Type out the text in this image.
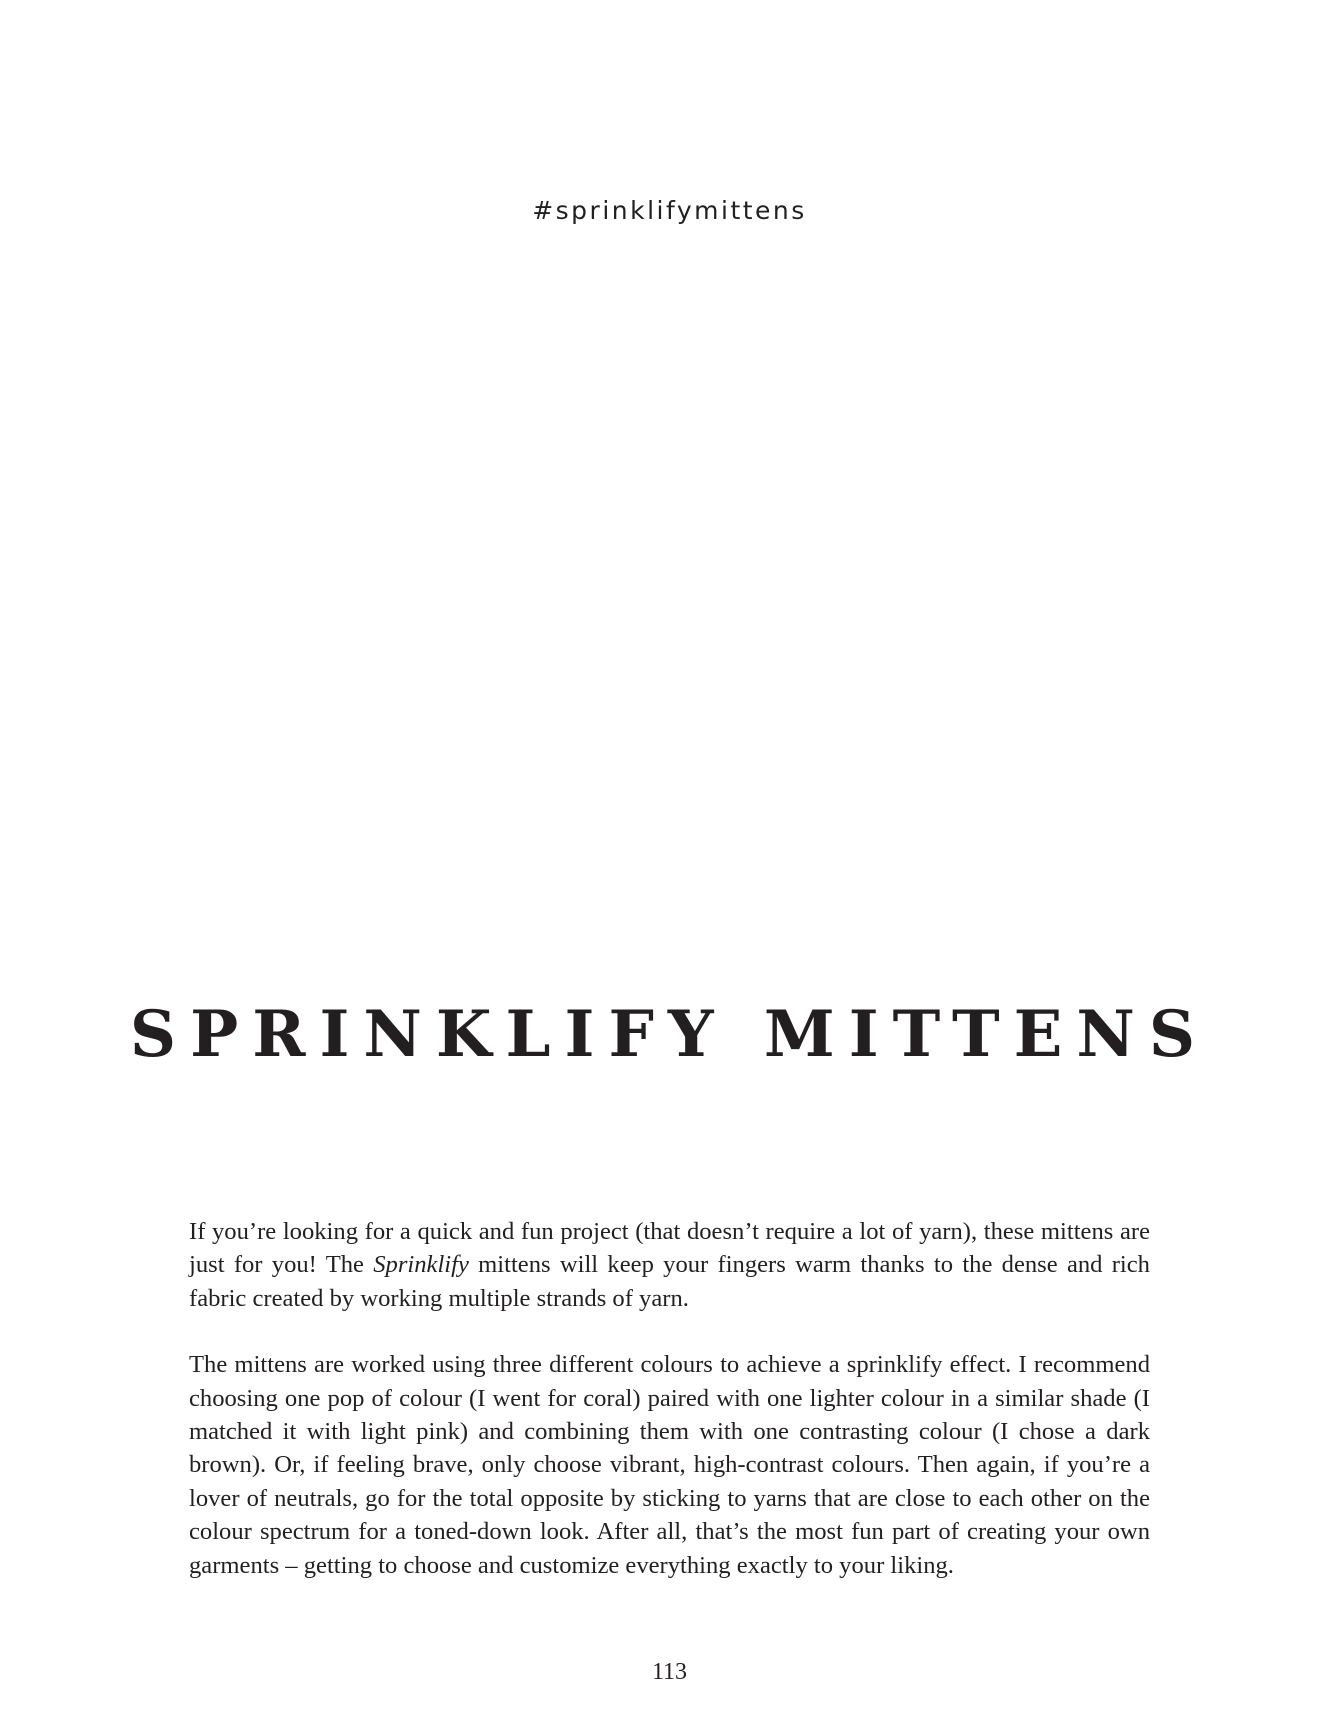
#sprinklifymittens
SPRINKLIFY MITTENS

If you’re looking for a quick and fun project (that doesn’t require a lot of yarn), these mittens are just for you! The Sprinklify mittens will keep your fingers warm thanks to the dense and rich fabric created by working multiple strands of yarn.

The mittens are worked using three different colours to achieve a sprinklify effect. I recommend choosing one pop of colour (I went for coral) paired with one lighter colour in a similar shade (I matched it with light pink) and combining them with one contrasting colour (I chose a dark brown). Or, if feeling brave, only choose vibrant, high-contrast colours. Then again, if you’re a lover of neutrals, go for the total opposite by sticking to yarns that are close to each other on the colour spectrum for a toned-down look. After all, that’s the most fun part of creating your own garments – getting to choose and customize everything exactly to your liking.

113
